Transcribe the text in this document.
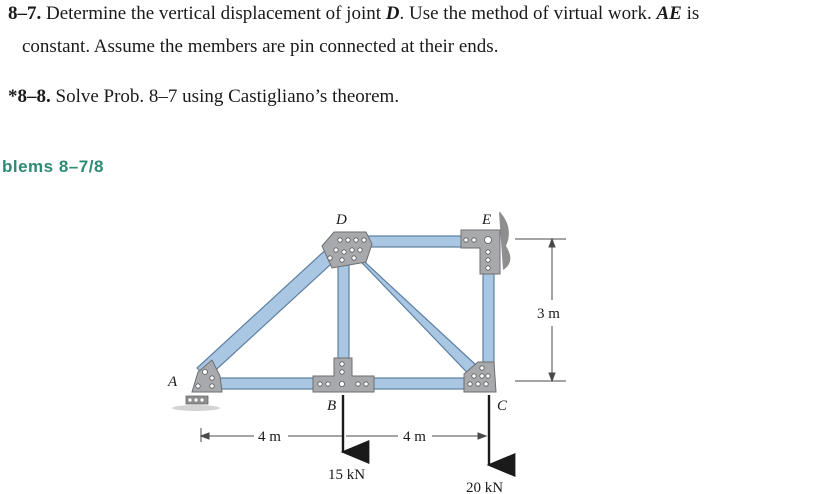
8–7. Determine the vertical displacement of joint D. Use the method of virtual work. AE is
constant. Assume the members are pin connected at their ends.
*8–8. Solve Prob. 8–7 using Castigliano’s theorem.
blems 8–7/8
D	E
A
B	C
4 m	4 m
3 m
15 kN
20 kN
